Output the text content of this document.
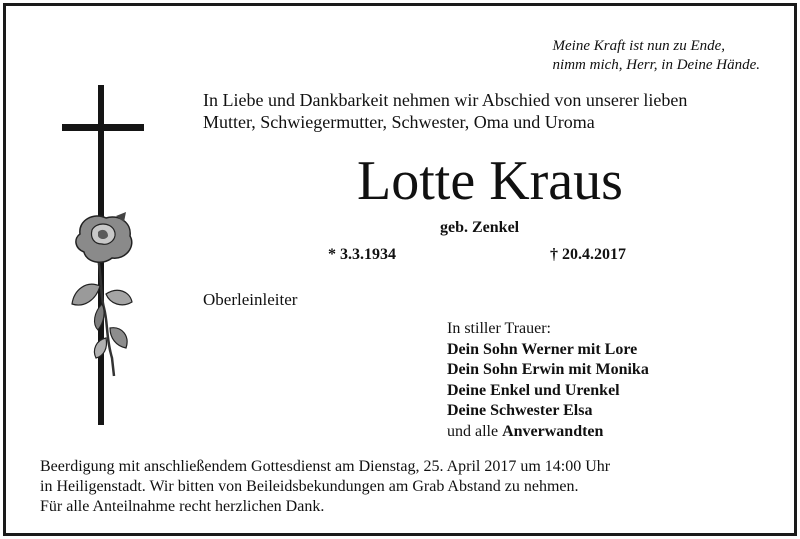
Meine Kraft ist nun zu Ende,
nimm mich, Herr, in Deine Hände.
In Liebe und Dankbarkeit nehmen wir Abschied von unserer lieben
Mutter, Schwiegermutter, Schwester, Oma und Uroma
Lotte Kraus
geb. Zenkel
* 3.3.1934	† 20.4.2017
Oberleinleiter
In stiller Trauer:
Dein Sohn Werner mit Lore
Dein Sohn Erwin mit Monika
Deine Enkel und Urenkel
Deine Schwester Elsa
und alle Anverwandten
Beerdigung mit anschließendem Gottesdienst am Dienstag, 25. April 2017 um 14:00 Uhr
in Heiligenstadt. Wir bitten von Beileidsbekundungen am Grab Abstand zu nehmen.
Für alle Anteilnahme recht herzlichen Dank.
